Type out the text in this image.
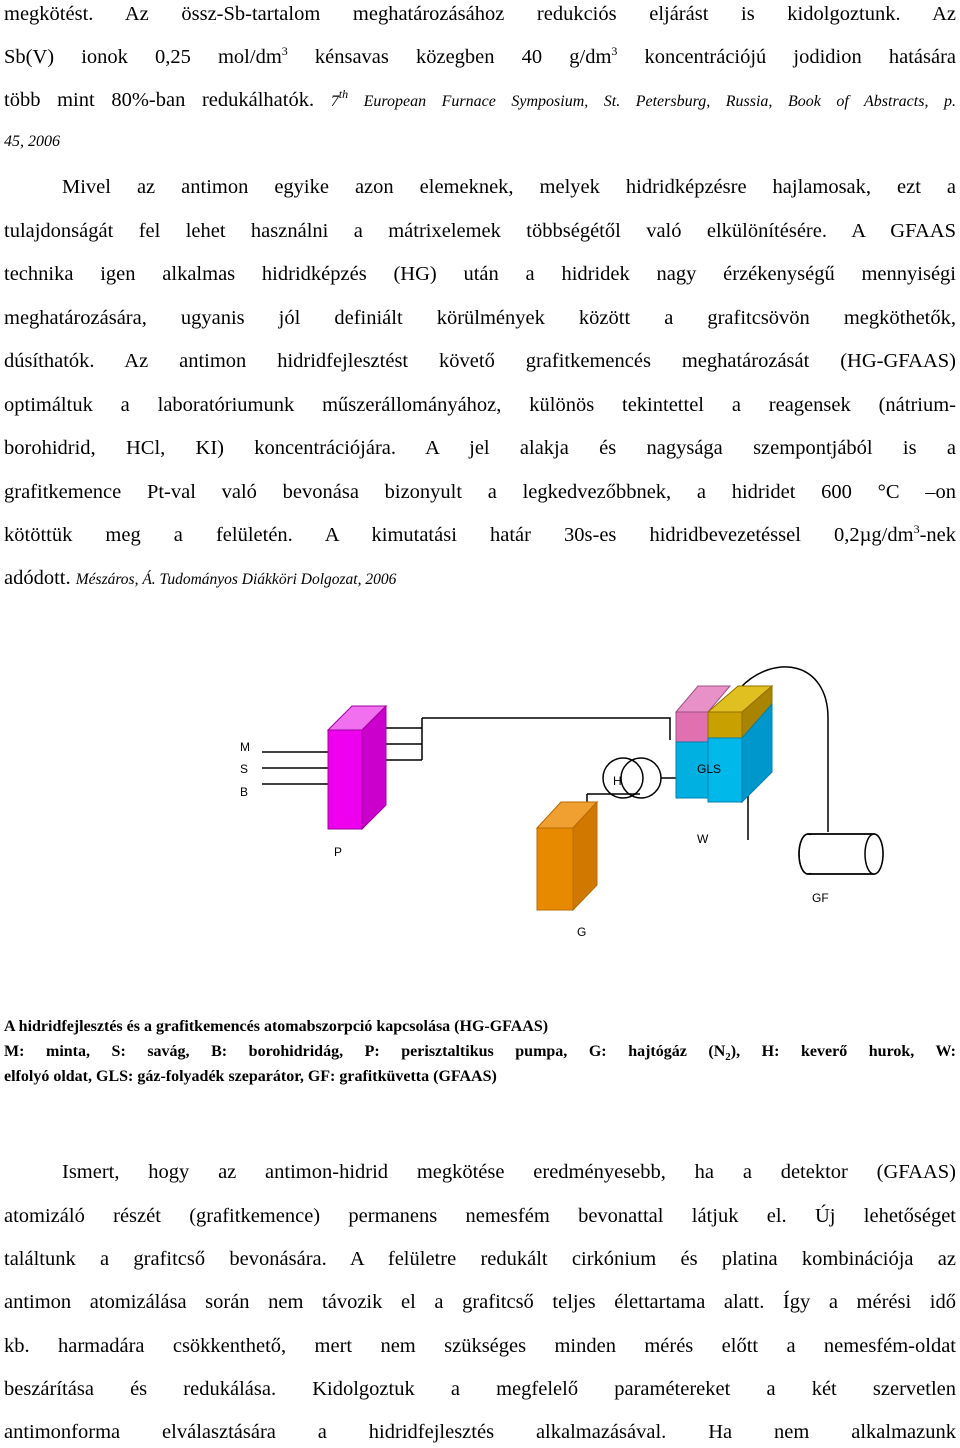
megkötést. Az össz-Sb-tartalom meghatározásához redukciós eljárást is kidolgoztunk. Az
Sb(V) ionok 0,25 mol/$dm^3$ kénsavas közegben 40 $g/dm^3$ koncentrációjú jodidion hatására
több mint 80%-ban redukálhatók. 7th European Furnace Symposium, St. Petersburg, Russia, Book of Abstracts, p.
45, 2006
Mivel az antimon egyike azon elemeknek, melyek hidridképzésre hajlamosak, ezt a
tulajdonságát fel lehet használni a mátrixelemek többségétől való elkülönítésére. A GFAAS
technika igen alkalmas hidridképzés (HG) után a hidridek nagy érzékenységű mennyiségi
meghatározására, ugyanis jól definiált körülmények között a grafitcsövön megköthetők,
dúsíthatók. Az antimon hidridfejlesztést követő grafitkemencés meghatározását (HG-GFAAS)
optimáltuk a laboratóriumunk műszerállományához, különös tekintettel a reagensek (nátrium-
borohidrid, HCl, KI) koncentrációjára. A jel alakja és nagysága szempontjából is a
grafitkemence Pt-val való bevonása bizonyult a legkedvezőbbnek, a hidridet 600 °C –on
kötöttük meg a felületén. A kimutatási határ 30s-es hidridbevezetéssel $0,2\mu g/dm^3$-nek
adódott. Mészáros, Á. Tudományos Diákköri Dolgozat, 2006
M
S
B
P
H
GLS
W
GF
G
A hidridfejlesztés és a grafitkemencés atomabszorpció kapcsolása (HG-GFAAS)
M: minta, S: savág, B: borohidridág, P: perisztaltikus pumpa, G: hajtógáz $(N_2)$, H: keverő hurok, W:
elfolyó oldat, GLS: gáz-folyadék szeparátor, GF: grafitküvetta (GFAAS)
Ismert, hogy az antimon-hidrid megkötése eredményesebb, ha a detektor (GFAAS)
atomizáló részét (grafitkemence) permanens nemesfém bevonattal látjuk el. Új lehetőséget
találtunk a grafitcső bevonására. A felületre redukált cirkónium és platina kombinációja az
antimon atomizálása során nem távozik el a grafitcső teljes élettartama alatt. Így a mérési idő
kb. harmadára csökkenthető, mert nem szükséges minden mérés előtt a nemesfém-oldat
beszárítása és redukálása. Kidolgoztuk a megfelelő paramétereket a két szervetlen
antimonforma elválasztására a hidridfejlesztés alkalmazásával. Ha nem alkalmazunk
